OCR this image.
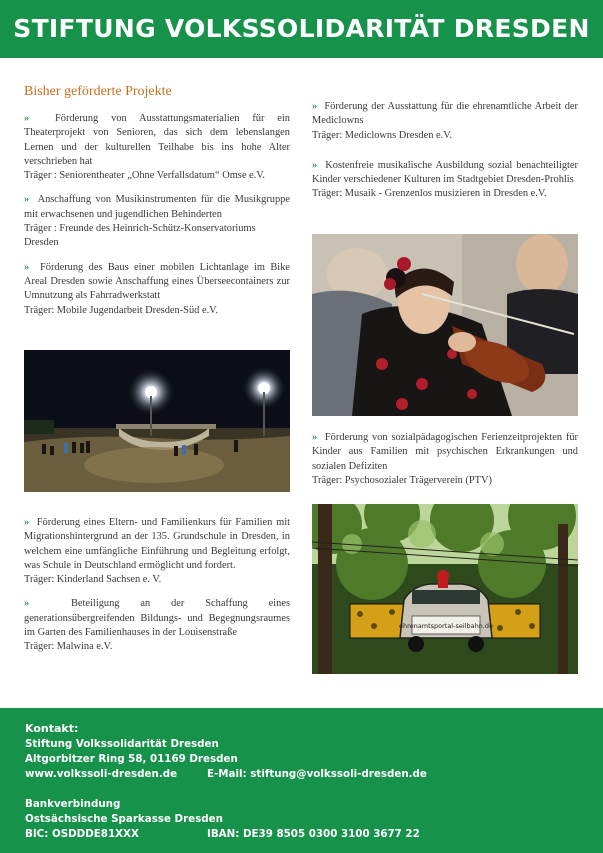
STIFTUNG VOLKSSOLIDARITÄT DRESDEN
Bisher geförderte Projekte

» Förderung von Ausstattungsmaterialien für ein Theaterprojekt von Senioren, das sich dem lebenslangen Lernen und der kulturellen Teilhabe bis ins hohe Alter verschrieben hat
Träger : Seniorentheater „Ohne Verfallsdatum“ Omse e.V.

» Anschaffung von Musikinstrumenten für die Musikgruppe mit erwachsenen und jugendlichen Behinderten
Träger : Freunde des Heinrich-Schütz-Konservatoriums Dresden

» Förderung des Baus einer mobilen Lichtanlage im Bike Areal Dresden sowie Anschaffung eines Überseecontainers zur Umnutzung als Fahrradwerkstatt
Träger: Mobile Jugendarbeit Dresden-Süd e.V.

» Förderung eines Eltern- und Familienkurs für Familien mit Migrationshintergrund an der 135. Grundschule in Dresden, in welchem eine umfängliche Einführung und Begleitung erfolgt, was Schule in Deutschland ermöglicht und fordert.
Träger: Kinderland Sachsen e. V.

»	Beteiligung an der Schaffung eines generationsübergreifenden Bildungs- und Begegnungsraumes im Garten des Familienhauses in der Louisenstraße
Träger: Malwina e.V.

» Förderung der Ausstattung für die ehrenamtliche Arbeit der Mediclowns
Träger: Mediclowns Dresden e.V.

» Kostenfreie musikalische Ausbildung sozial benachteiligter Kinder verschiedener Kulturen im Stadtgebiet Dresden-Prohlis
Träger: Musaik - Grenzenlos musizieren in Dresden e.V.

» Förderung von sozialpädagogischen Ferienzeitprojekten für Kinder aus Familien mit psychischen Erkrankungen und sozialen Defiziten
Träger: Psychosozialer Trägerverein (PTV)

ehrenamtsportal-seilbahn.de
Kontakt:
Stiftung Volkssolidarität Dresden
Altgorbitzer Ring 58, 01169 Dresden
www.volkssoli-dresden.de	E-Mail: stiftung@volkssoli-dresden.de
Bankverbindung
Ostsächsische Sparkasse Dresden
BIC: OSDDDE81XXX	IBAN: DE39 8505 0300 3100 3677 22
